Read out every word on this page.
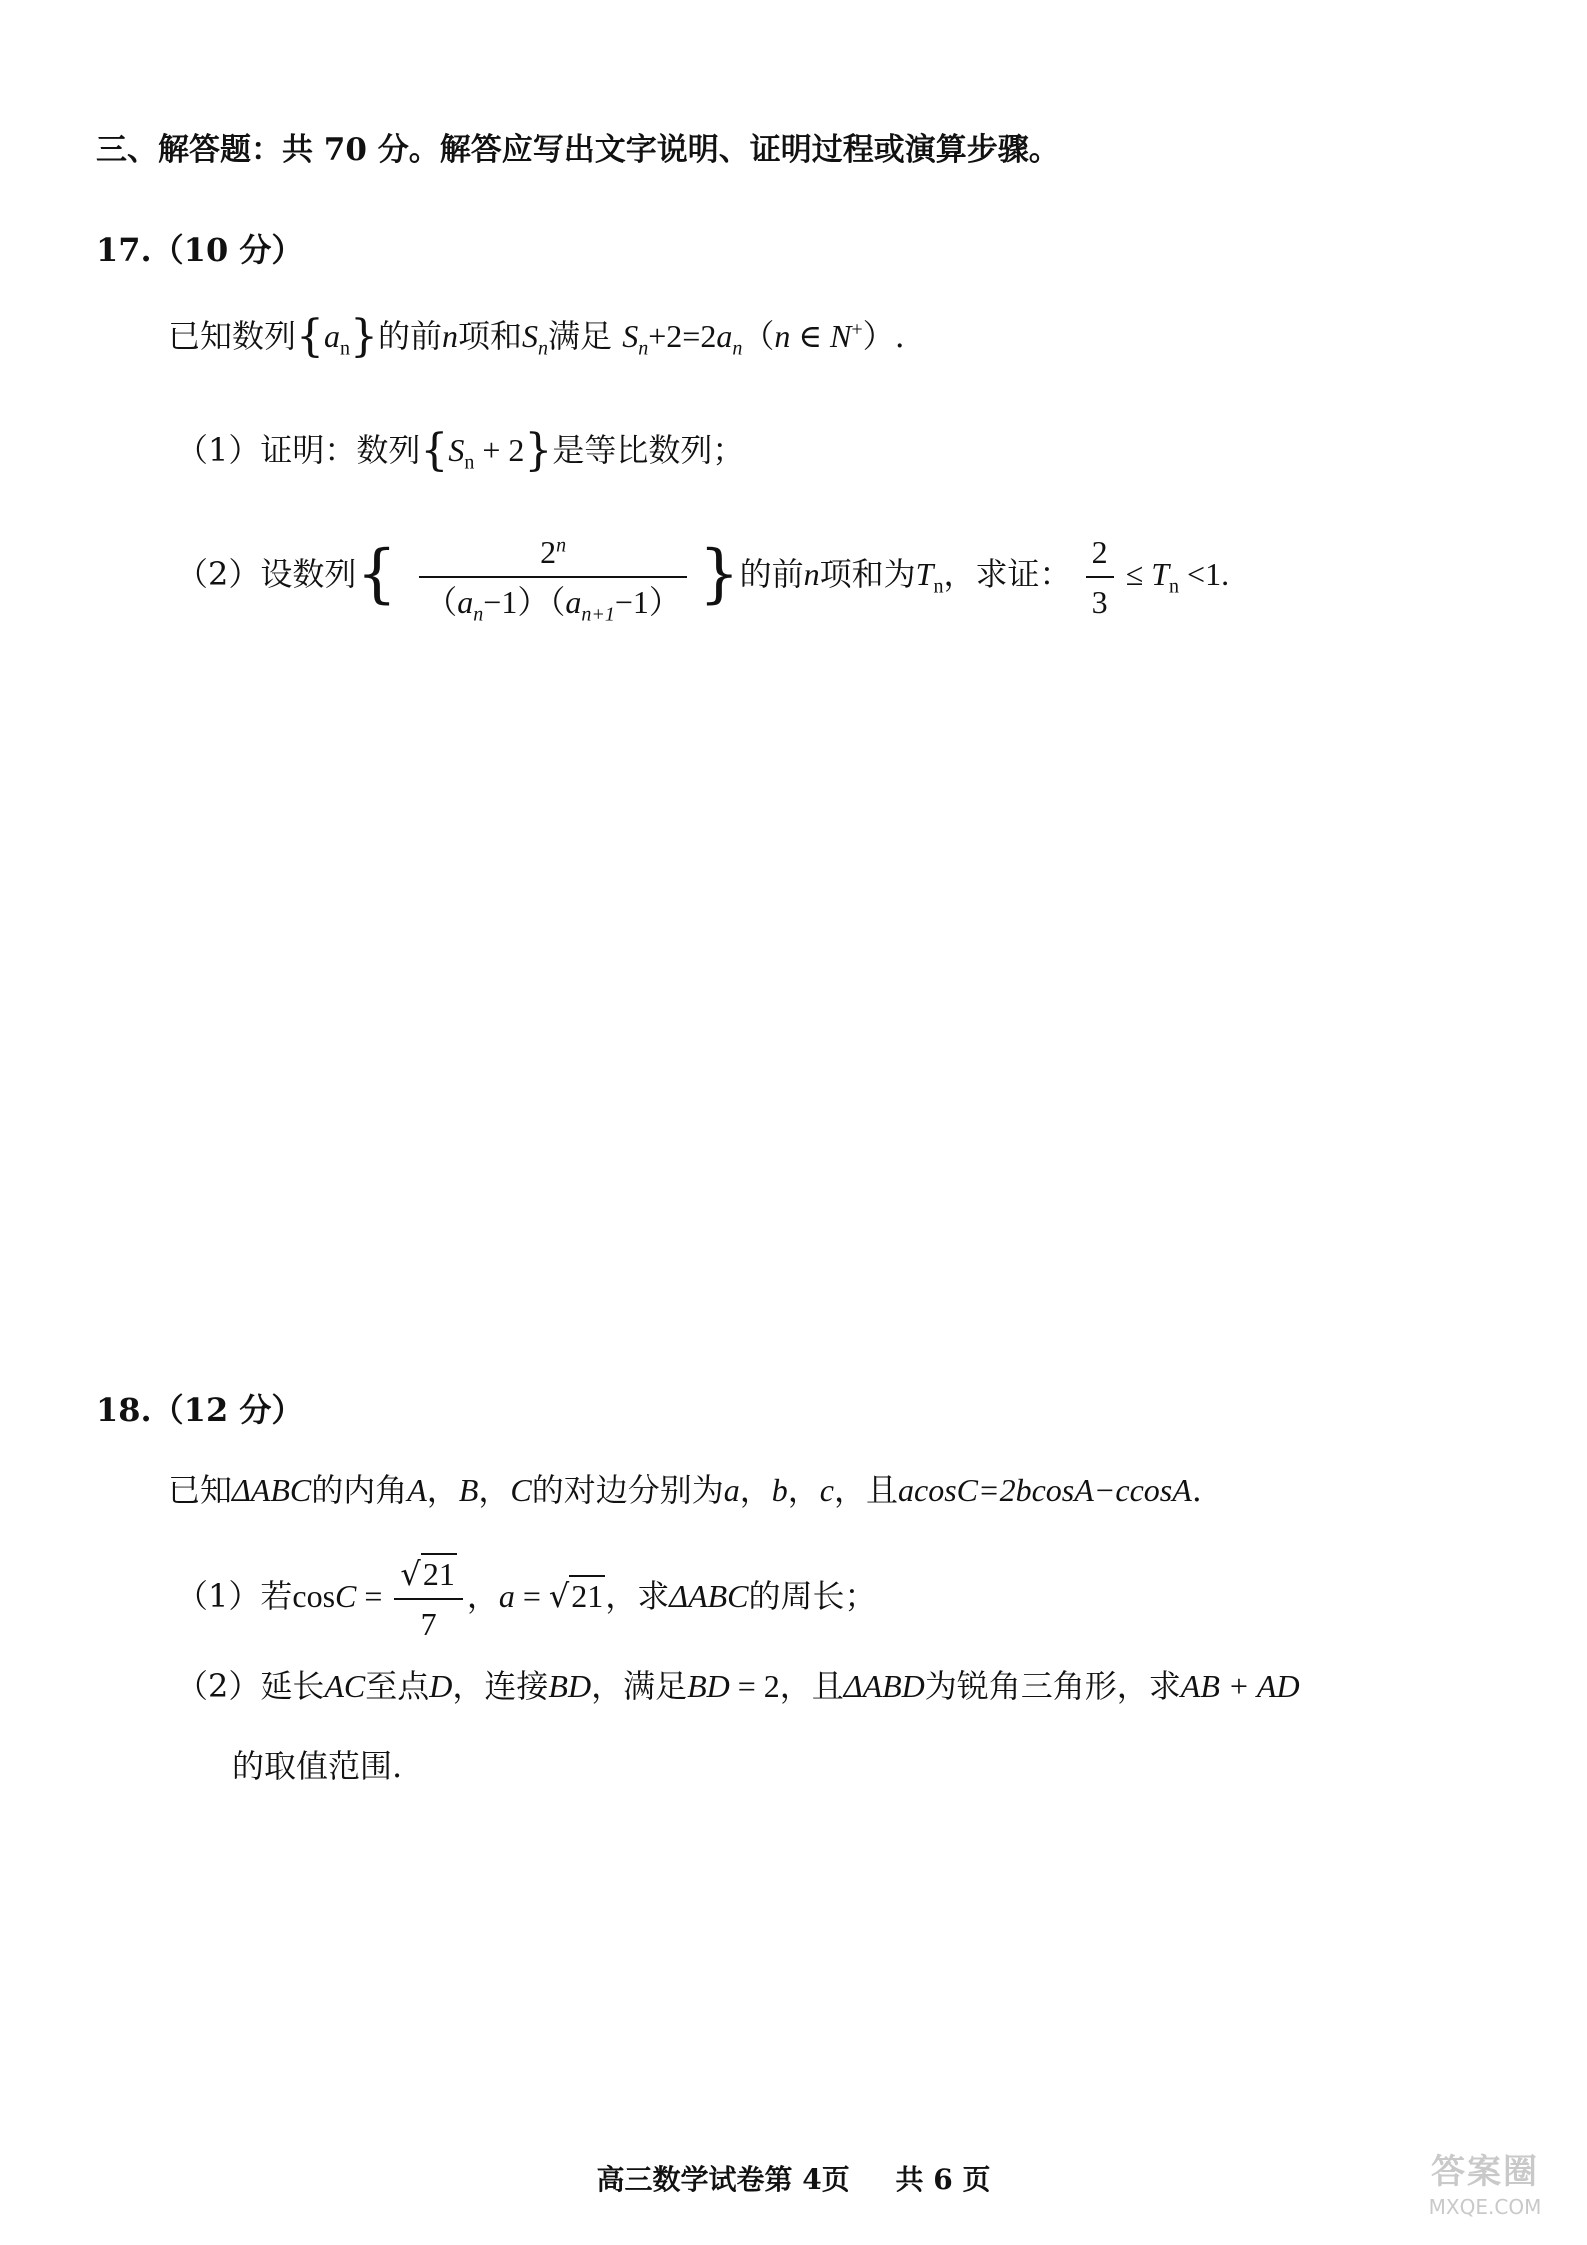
三、解答题：共 70 分。解答应写出文字说明、证明过程或演算步骤。
17.（10 分）
已知数列$\{a_n\}$的前n项和$S_n$满足 $S_n+2=2a_n(n$ ∈ N+）.
（1）证明：数列$\{S_n + 2\}$是等比数列；
（2）设数列{ $\frac{2^n}{(a_n-1)(a_{n+1}-1)}$ }的前n项和为$T_n$，求证： $\frac{2}{3} \le T_n <1$.
18.（12 分）
已知ΔABC的内角A，B，C的对边分别为a，b，c，且acosC=2bcosA−ccosA.
（1）若$\cos C = \frac{√21}{7}$ ，a = √21，求ΔABC的周长；
（2）延长AC至点D，连接BD，满足BD = 2，且ΔABD为锐角三角形，求AB + AD
的取值范围.
高三数学试卷第 4页 共 6 页	答案圈
MXQE.COM
